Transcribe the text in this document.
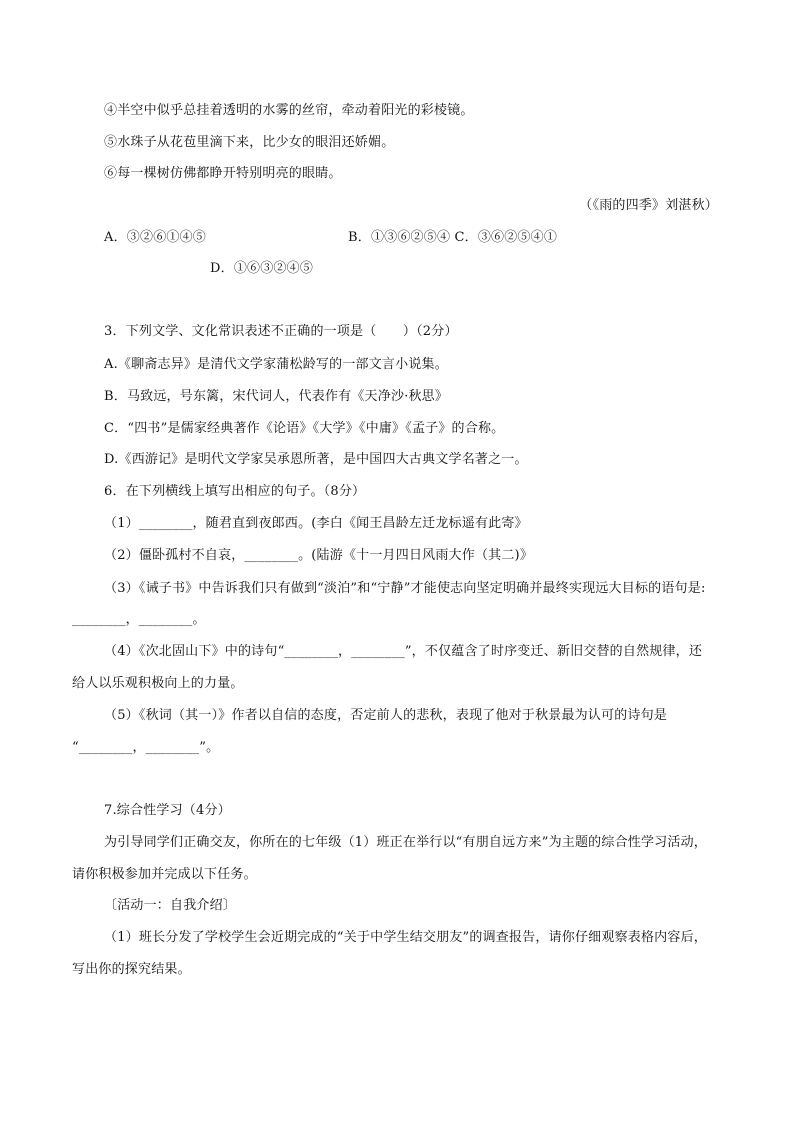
④半空中似乎总挂着透明的水雾的丝帘，牵动着阳光的彩棱镜。
⑤水珠子从花苞里滴下来，比少女的眼泪还娇媚。
⑥每一棵树仿佛都睁开特别明亮的眼睛。
（《雨的四季》刘湛秋）
A．③②⑥①④⑤	B．①③⑥②⑤④ C．③⑥②⑤④①
D．①⑥③②④⑤
3．下列文学、文化常识表述不正确的一项是（　　）（2分）
A.《聊斋志异》是清代文学家蒲松龄写的一部文言小说集。
B．马致远，号东篱，宋代词人，代表作有《天净沙·秋思》
C．“四书”是儒家经典著作《论语》《大学》《中庸》《孟子》的合称。
D.《西游记》是明代文学家吴承恩所著，是中国四大古典文学名著之一。
6．在下列横线上填写出相应的句子。（8分）
（1）________，随君直到夜郎西。(李白《闻王昌龄左迁龙标遥有此寄》
（2）僵卧孤村不自哀，________。(陆游《十一月四日风雨大作（其二)》
（3）《诫子书》中告诉我们只有做到“淡泊”和“宁静”才能使志向坚定明确并最终实现远大目标的语句是:
________，________。
（4）《次北固山下》中的诗句“________，________”，不仅蕴含了时序变迁、新旧交替的自然规律，还
给人以乐观积极向上的力量。
（5）《秋词（其一）》作者以自信的态度，否定前人的悲秋，表现了他对于秋景最为认可的诗句是
“________，________”。
7.综合性学习（4分）
为引导同学们正确交友，你所在的七年级（1）班正在举行以“有朋自远方来”为主题的综合性学习活动，
请你积极参加并完成以下任务。
〔活动一：自我介绍〕
（1）班长分发了学校学生会近期完成的“关于中学生结交朋友”的调查报告，请你仔细观察表格内容后，
写出你的探究结果。
